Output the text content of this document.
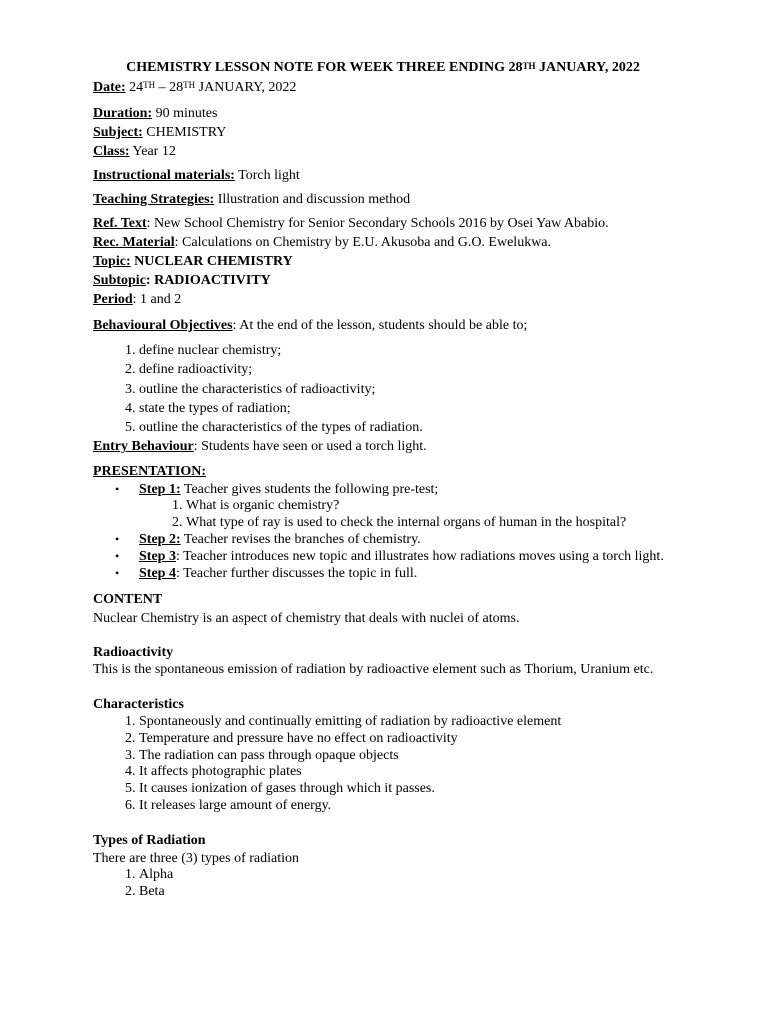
CHEMISTRY LESSON NOTE FOR WEEK THREE ENDING 28TH JANUARY, 2022

Date: 24TH – 28TH JANUARY, 2022

Duration: 90 minutes

Subject: CHEMISTRY

Class: Year 12

Instructional materials: Torch light

Teaching Strategies: Illustration and discussion method

Ref. Text: New School Chemistry for Senior Secondary Schools 2016 by Osei Yaw Ababio.

Rec. Material: Calculations on Chemistry by E.U. Akusoba and G.O. Ewelukwa.

Topic: NUCLEAR CHEMISTRY

Subtopic: RADIOACTIVITY

Period: 1 and 2

Behavioural Objectives: At the end of the lesson, students should be able to;

1. define nuclear chemistry;
2. define radioactivity;
3. outline the characteristics of radioactivity;
4. state the types of radiation;
5. outline the characteristics of the types of radiation.

Entry Behaviour: Students have seen or used a torch light.

PRESENTATION:

• Step 1: Teacher gives students the following pre-test;
1. What is organic chemistry?
2. What type of ray is used to check the internal organs of human in the hospital?
• Step 2: Teacher revises the branches of chemistry.
• Step 3: Teacher introduces new topic and illustrates how radiations moves using a torch light.
• Step 4: Teacher further discusses the topic in full.

CONTENT

Nuclear Chemistry is an aspect of chemistry that deals with nuclei of atoms.

Radioactivity

This is the spontaneous emission of radiation by radioactive element such as Thorium, Uranium etc.

Characteristics

1. Spontaneously and continually emitting of radiation by radioactive element
2. Temperature and pressure have no effect on radioactivity
3. The radiation can pass through opaque objects
4. It affects photographic plates
5. It causes ionization of gases through which it passes.
6. It releases large amount of energy.

Types of Radiation

There are three (3) types of radiation

1. Alpha
2. Beta
